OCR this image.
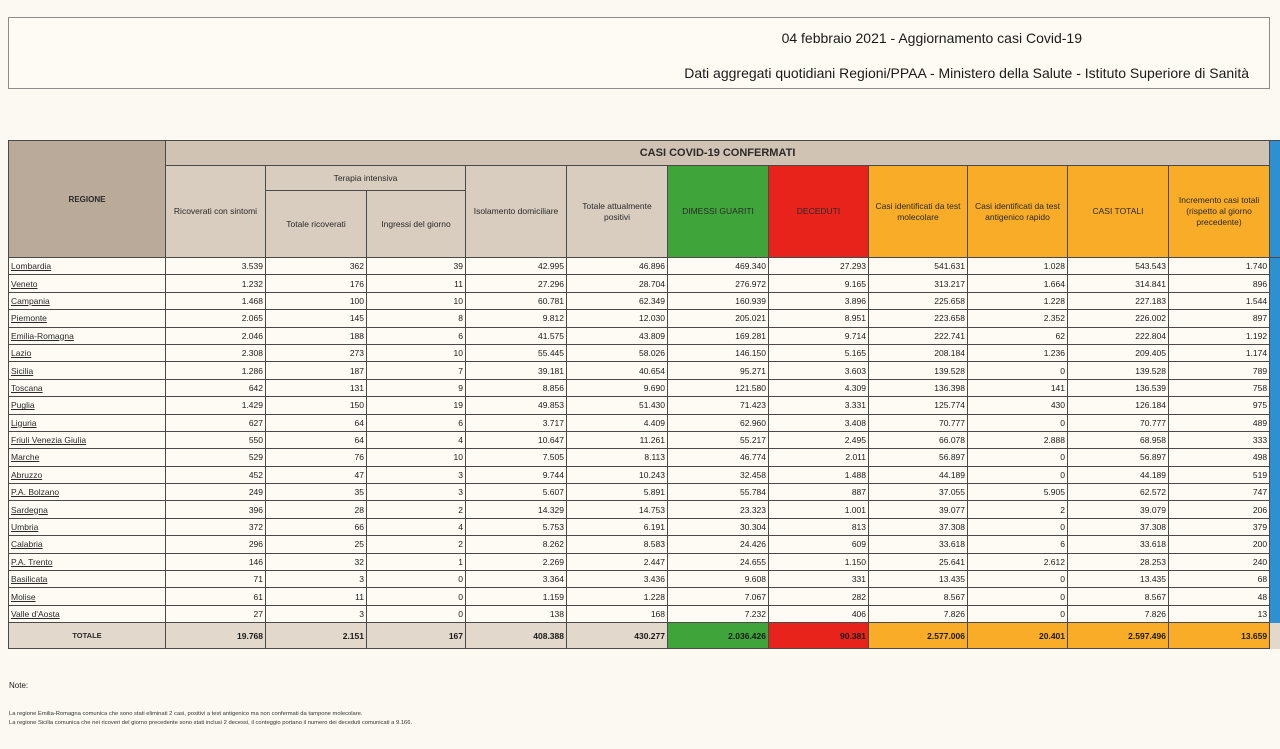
04 febbraio 2021 - Aggiornamento casi Covid-19
Dati aggregati quotidiani Regioni/PPAA - Ministero della Salute - Istituto Superiore di Sanità
REGIONE	CASI COVID-19 CONFERMATI											
	Ricoverati con sintomi	Terapia intensiva		Isolamento domiciliare	Totale attualmente positivi	DIMESSI GUARITI	DECEDUTI	Casi identificati da test molecolare	Casi identificati da test antigenico rapido	CASI TOTALI	Incremento casi totali (rispetto al giorno precedente)	
		Totale ricoverati	Ingressi del giorno									
Lombardia	3.539	362	39	42.995	46.896	469.340	27.293	541.631	1.028	543.543	1.740	
Veneto	1.232	176	11	27.296	28.704	276.972	9.165	313.217	1.664	314.841	896	
Campania	1.468	100	10	60.781	62.349	160.939	3.896	225.658	1.228	227.183	1.544	
Piemonte	2.065	145	8	9.812	12.030	205.021	8.951	223.658	2.352	226.002	897	
Emilia-Romagna	2.046	188	6	41.575	43.809	169.281	9.714	222.741	62	222.804	1.192	
Lazio	2.308	273	10	55.445	58.026	146.150	5.165	208.184	1.236	209.405	1.174	
Sicilia	1.286	187	7	39.181	40.654	95.271	3.603	139.528	0	139.528	789	
Toscana	642	131	9	8.856	9.690	121.580	4.309	136.398	141	136.539	758	
Puglia	1.429	150	19	49.853	51.430	71.423	3.331	125.774	430	126.184	975	
Liguria	627	64	6	3.717	4.409	62.960	3.408	70.777	0	70.777	489	
Friuli Venezia Giulia	550	64	4	10.647	11.261	55.217	2.495	66.078	2.888	68.958	333	
Marche	529	76	10	7.505	8.113	46.774	2.011	56.897	0	56.897	498	
Abruzzo	452	47	3	9.744	10.243	32.458	1.488	44.189	0	44.189	519	
P.A. Bolzano	249	35	3	5.607	5.891	55.784	887	37.055	5.905	62.572	747	
Sardegna	396	28	2	14.329	14.753	23.323	1.001	39.077	2	39.079	206	
Umbria	372	66	4	5.753	6.191	30.304	813	37.308	0	37.308	379	
Calabria	296	25	2	8.262	8.583	24.426	609	33.618	6	33.618	200	
P.A. Trento	146	32	1	2.269	2.447	24.655	1.150	25.641	2.612	28.253	240	
Basilicata	71	3	0	3.364	3.436	9.608	331	13.435	0	13.435	68	
Molise	61	11	0	1.159	1.228	7.067	282	8.567	0	8.567	48	
Valle d'Aosta	27	3	0	138	168	7.232	406	7.826	0	7.826	13	
TOTALE	19.768	2.151	167	408.388	430.277	2.036.426	90.381	2.577.006	20.401	2.597.496	13.659	
Note:
La regione Emilia-Romagna comunica che sono stati eliminati 2 casi, positivi a test antigenico ma non confermati da tampone molecolare.
La regione Sicilia comunica che nei ricoveri del giorno precedente sono stati inclusi 2 decessi, il conteggio portano il numero dei deceduti comunicati a 9.166.
